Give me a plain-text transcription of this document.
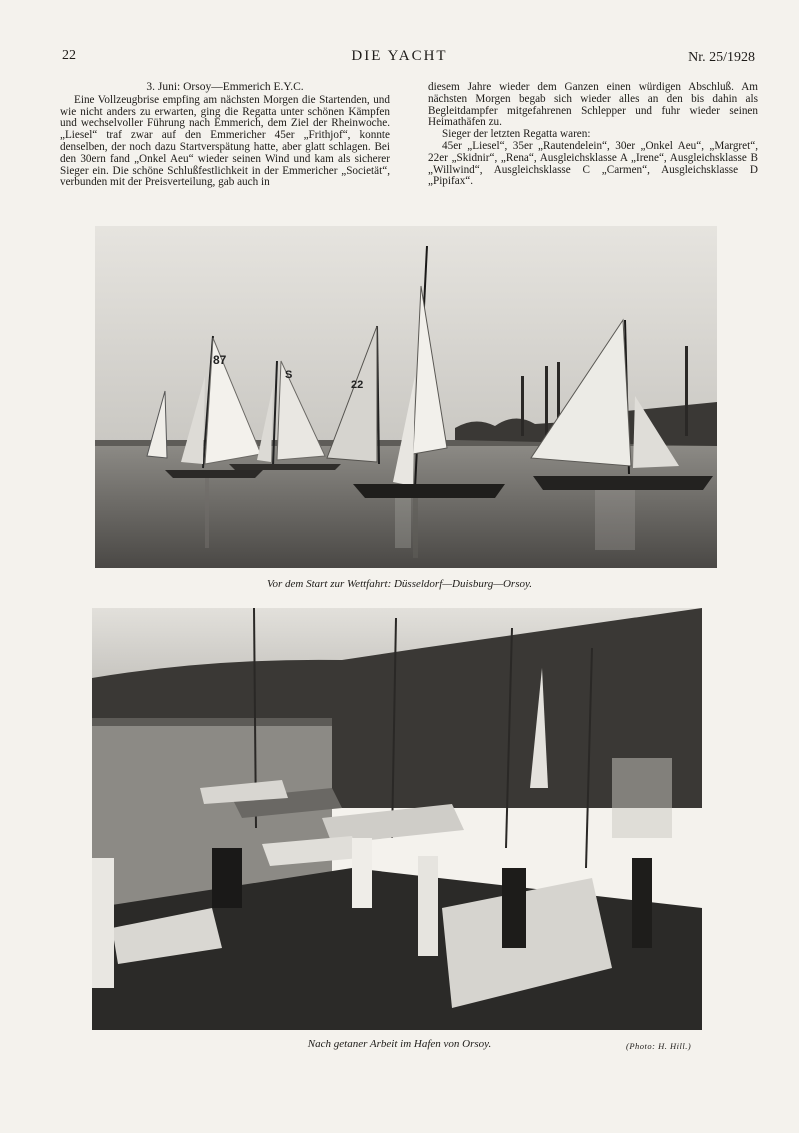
22	DIE YACHT	Nr. 25/1928
3. Juni: Orsoy—Emmerich E.Y.C.

Eine Vollzeugbrise empfing am nächsten Morgen die Startenden, und wie nicht anders zu erwarten, ging die Regatta unter schönen Kämpfen und wechselvoller Führung nach Emmerich, dem Ziel der Rheinwoche. „Liesel“ traf zwar auf den Emmericher 45er „Frithjof“, konnte denselben, der noch dazu Startverspätung hatte, aber glatt schlagen. Bei den 30ern fand „Onkel Aeu“ wieder seinen Wind und kam als sicherer Sieger ein. Die schöne Schlußfestlichkeit in der Emmericher „Societät“, verbunden mit der Preisverteilung, gab auch in

diesem Jahre wieder dem Ganzen einen würdigen Abschluß. Am nächsten Morgen begab sich wieder alles an den bis dahin als Begleitdampfer mitgefahrenen Schlepper und fuhr wieder seinen Heimathäfen zu.

Sieger der letzten Regatta waren:

45er „Liesel“, 35er „Rautendelein“, 30er „Onkel Aeu“, „Margret“, 22er „Skidnir“, „Rena“, Ausgleichsklasse A „Irene“, Ausgleichsklasse B „Willwind“, Ausgleichsklasse C „Carmen“, Ausgleichsklasse D „Pipifax“.

87
S
22
Vor dem Start zur Wettfahrt: Düsseldorf—Duisburg—Orsoy.
Nach getaner Arbeit im Hafen von Orsoy.	(Photo: H. Hill.)
